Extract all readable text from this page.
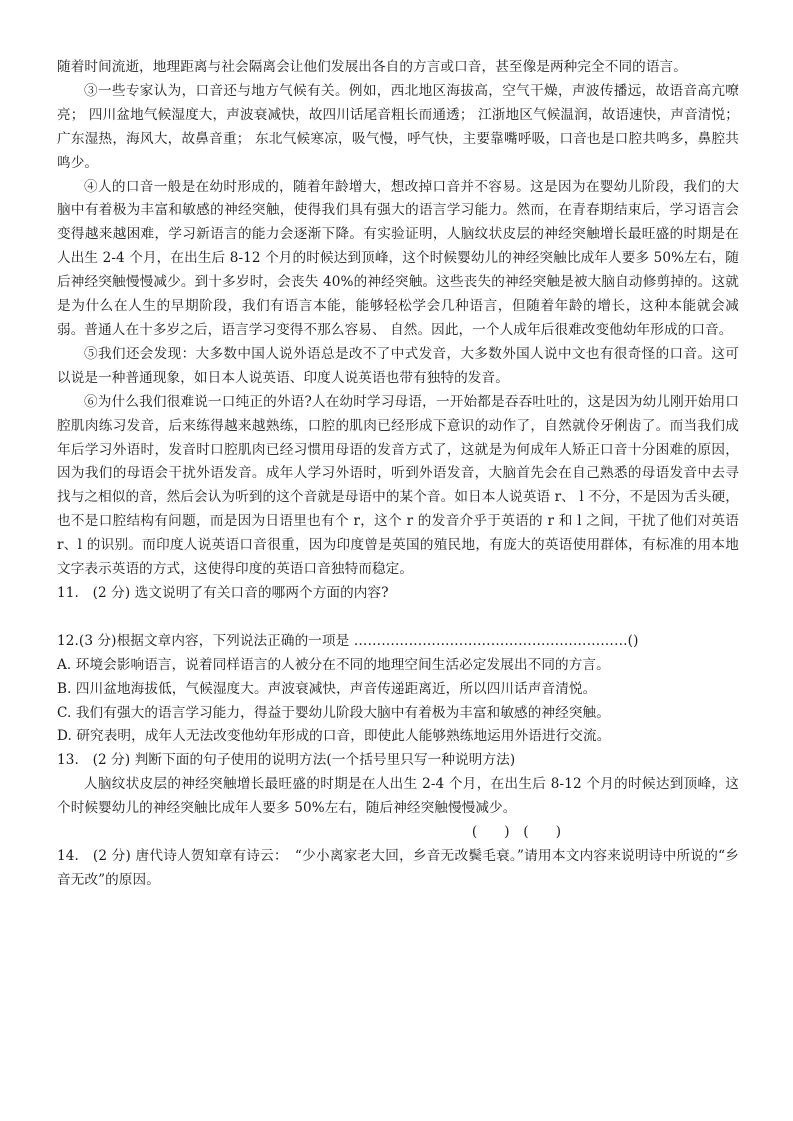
随着时间流逝，地理距离与社会隔离会让他们发展出各自的方言或口音，甚至像是两种完全不同的语言。

③一些专家认为，口音还与地方气候有关。例如，西北地区海拔高，空气干燥，声波传播远，故语音高亢嘹亮； 四川盆地气候湿度大，声波衰减快，故四川话尾音粗长而通透； 江浙地区气候温润，故语速快，声音清悦； 广东湿热，海风大，故鼻音重； 东北气候寒凉，吸气慢，呼气快，主要靠嘴呼吸，口音也是口腔共鸣多，鼻腔共鸣少。

④人的口音一般是在幼时形成的，随着年龄增大，想改掉口音并不容易。这是因为在婴幼儿阶段，我们的大脑中有着极为丰富和敏感的神经突触，使得我们具有强大的语言学习能力。然而，在青春期结束后，学习语言会变得越来越困难，学习新语言的能力会逐渐下降。有实验证明，人脑纹状皮层的神经突触增长最旺盛的时期是在人出生 2-4 个月，在出生后 8-12 个月的时候达到顶峰，这个时候婴幼儿的神经突触比成年人要多 50%左右，随后神经突触慢慢减少。到十多岁时，会丧失 40%的神经突触。这些丧失的神经突触是被大脑自动修剪掉的。这就是为什么在人生的早期阶段，我们有语言本能，能够轻松学会几种语言，但随着年龄的增长，这种本能就会减弱。普通人在十多岁之后，语言学习变得不那么容易、 自然。因此，一个人成年后很难改变他幼年形成的口音。

⑤我们还会发现：大多数中国人说外语总是改不了中式发音，大多数外国人说中文也有很奇怪的口音。这可以说是一种普通现象，如日本人说英语、印度人说英语也带有独特的发音。

⑥为什么我们很难说一口纯正的外语?人在幼时学习母语，一开始都是吞吞吐吐的，这是因为幼儿刚开始用口腔肌肉练习发音，后来练得越来越熟练，口腔的肌肉已经形成下意识的动作了，自然就伶牙俐齿了。而当我们成年后学习外语时，发音时口腔肌肉已经习惯用母语的发音方式了，这就是为何成年人矫正口音十分困难的原因，因为我们的母语会干扰外语发音。成年人学习外语时，听到外语发音，大脑首先会在自己熟悉的母语发音中去寻找与之相似的音，然后会认为听到的这个音就是母语中的某个音。如日本人说英语 r、 l 不分，不是因为舌头硬，也不是口腔结构有问题，而是因为日语里也有个 r，这个 r 的发音介乎于英语的 r 和 l 之间，干扰了他们对英语 r、l 的识别。而印度人说英语口音很重，因为印度曾是英国的殖民地，有庞大的英语使用群体，有标准的用本地文字表示英语的方式，这使得印度的英语口音独特而稳定。

11.　(2 分) 选文说明了有关口音的哪两个方面的内容?

12.(3 分)根据文章内容，下列说法正确的一项是 ……………………………………………………()

A. 环境会影响语言，说着同样语言的人被分在不同的地理空间生活必定发展出不同的方言。

B. 四川盆地海拔低，气候湿度大。声波衰减快，声音传递距离近，所以四川话声音清悦。

C. 我们有强大的语言学习能力，得益于婴幼儿阶段大脑中有着极为丰富和敏感的神经突触。

D. 研究表明，成年人无法改变他幼年形成的口音，即使此人能够熟练地运用外语进行交流。

13.　(2 分) 判断下面的句子使用的说明方法(一个括号里只写一种说明方法)

人脑纹状皮层的神经突触增长最旺盛的时期是在人出生 2-4 个月，在出生后 8-12 个月的时候达到顶峰，这个时候婴幼儿的神经突触比成年人要多 50%左右，随后神经突触慢慢减少。

(　　)　(　　)

14.　(2 分) 唐代诗人贺知章有诗云：　“少小离家老大回，乡音无改鬓毛衰。”请用本文内容来说明诗中所说的“乡音无改”的原因。
